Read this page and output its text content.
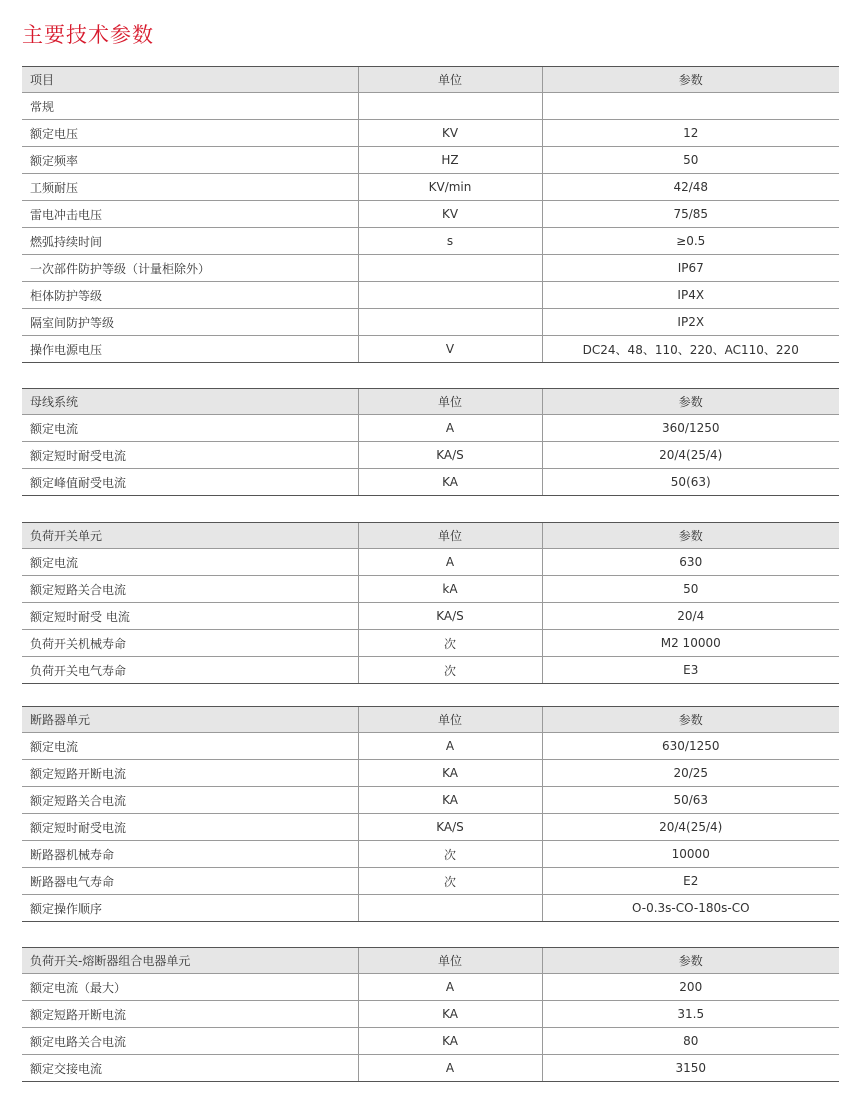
主要技术参数
项目	单位	参数
常规		
额定电压	KV	12
额定频率	HZ	50
工频耐压	KV/min	42/48
雷电冲击电压	KV	75/85
燃弧持续时间	s	≥0.5
一次部件防护等级（计量柜除外）		IP67
柜体防护等级		IP4X
隔室间防护等级		IP2X
操作电源电压	V	DC24、48、110、220、AC110、220
母线系统	单位	参数
额定电流	A	360/1250
额定短时耐受电流	KA/S	20/4(25/4)
额定峰值耐受电流	KA	50(63)
负荷开关单元	单位	参数
额定电流	A	630
额定短路关合电流	kA	50
额定短时耐受 电流	KA/S	20/4
负荷开关机械寿命	次	M2 10000
负荷开关电气寿命	次	E3
断路器单元	单位	参数
额定电流	A	630/1250
额定短路开断电流	KA	20/25
额定短路关合电流	KA	50/63
额定短时耐受电流	KA/S	20/4(25/4)
断路器机械寿命	次	10000
断路器电气寿命	次	E2
额定操作顺序		O-0.3s-CO-180s-CO
负荷开关-熔断器组合电器单元	单位	参数
额定电流（最大）	A	200
额定短路开断电流	KA	31.5
额定电路关合电流	KA	80
额定交接电流	A	3150
